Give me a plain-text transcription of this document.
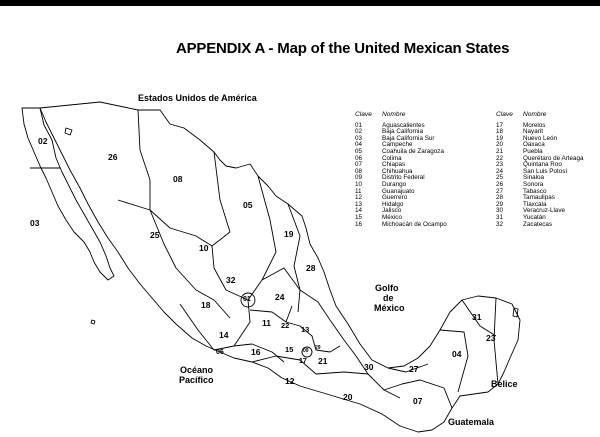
APPENDIX A - Map of the United Mexican States
Estados Unidos de América
Golfo
de
México
Océano
Pacífico	Belice
Guatemala
Clave	Nombre
01	Aguascalientes
02	Baja California
03	Baja California Sur
04	Campeche
05	Coahuila de Zaragoza
06	Colima
07	Chiapas
08	Chihuahua
09	Distrito Federal
10	Durango
11	Guanajuato
12	Guerrero
13	Hidalgo
14	Jalisco
15	México
16	Michoacán de Ocampo
Clave	Nombre
17	Morelos
18	Nayarit
19	Nuevo León
20	Oaxaca
21	Puebla
22	Querétaro de Arteaga
23	Quintana Roo
24	San Luis Potosí
25	Sinaloa
26	Sonora
27	Tabasco
28	Tamaulipas
29	Tlaxcala
30	Veracruz-Llave
31	Yucatán
32	Zacatecas
02
26
08
05
03
19
25
10
28
32
01	24
18
11 22 13
14
06	16	15 09 29
17 21
12
30	27
31
23
04
20	07
